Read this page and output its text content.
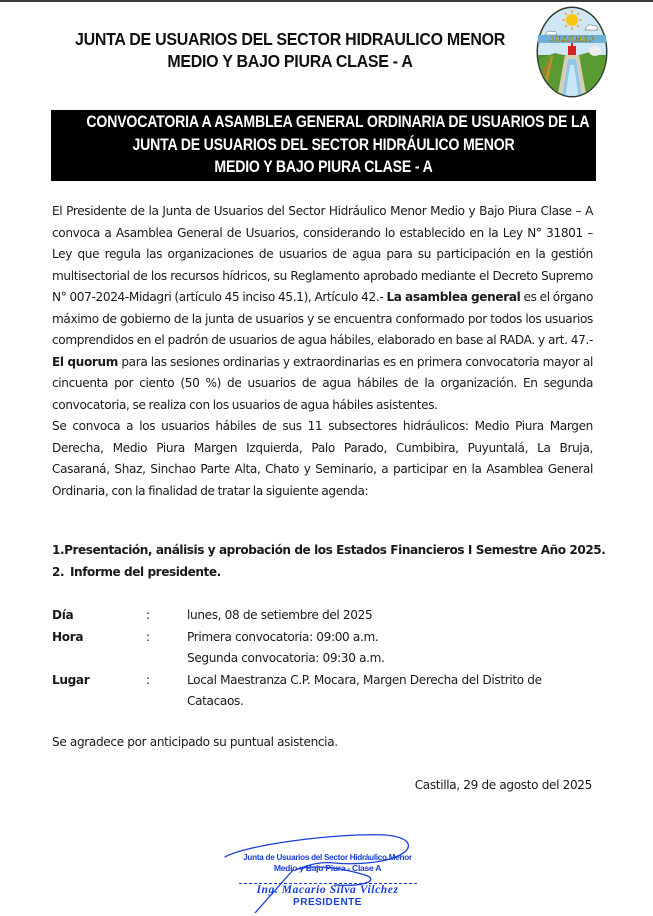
JUNTA DE USUARIOS DEL SECTOR HIDRAULICO MENOR
MEDIO Y BAJO PIURA CLASE - A
J.U.S.H.M.B.P
CONVOCATORIA A ASAMBLEA GENERAL ORDINARIA DE USUARIOS DE LA
JUNTA DE USUARIOS DEL SECTOR HIDRÁULICO MENOR
MEDIO Y BAJO PIURA CLASE - A

El Presidente de la Junta de Usuarios del Sector Hidráulico Menor Medio y Bajo Piura Clase – A convoca a Asamblea General de Usuarios, considerando lo establecido en la Ley N° 31801 – Ley que regula las organizaciones de usuarios de agua para su participación en la gestión multisectorial de los recursos hídricos, su Reglamento aprobado mediante el Decreto Supremo N° 007-2024-Midagri (artículo 45 inciso 45.1), Artículo 42.- La asamblea general es el órgano máximo de gobierno de la junta de usuarios y se encuentra conformado por todos los usuarios comprendidos en el padrón de usuarios de agua hábiles, elaborado en base al RADA. y art. 47.- El quorum para las sesiones ordinarias y extraordinarias es en primera convocatoria mayor al cincuenta por ciento (50 %) de usuarios de agua hábiles de la organización. En segunda convocatoria, se realiza con los usuarios de agua hábiles asistentes.

Se convoca a los usuarios hábiles de sus 11 subsectores hidráulicos: Medio Piura Margen Derecha, Medio Piura Margen Izquierda, Palo Parado, Cumbibira, Puyuntalá, La Bruja, Casaraná, Shaz, Sinchao Parte Alta, Chato y Seminario, a participar en la Asamblea General Ordinaria, con la finalidad de tratar la siguiente agenda:

1. Presentación, análisis y aprobación de los Estados Financieros I Semestre Año 2025.
2. Informe del presidente.
Día	:	lunes, 08 de setiembre del 2025
Hora	:	Primera convocatoria: 09:00 a.m.
Segunda convocatoria: 09:30 a.m.
Lugar	:	Local Maestranza C.P. Mocara, Margen Derecha del Distrito de Catacaos.
Se agradece por anticipado su puntual asistencia.
Castilla, 29 de agosto del 2025
Junta de Usuarios del Sector Hidráulico Menor
Medio y Bajo Piura - Clase A
Ing. Macario Silva Vilchez
PRESIDENTE
